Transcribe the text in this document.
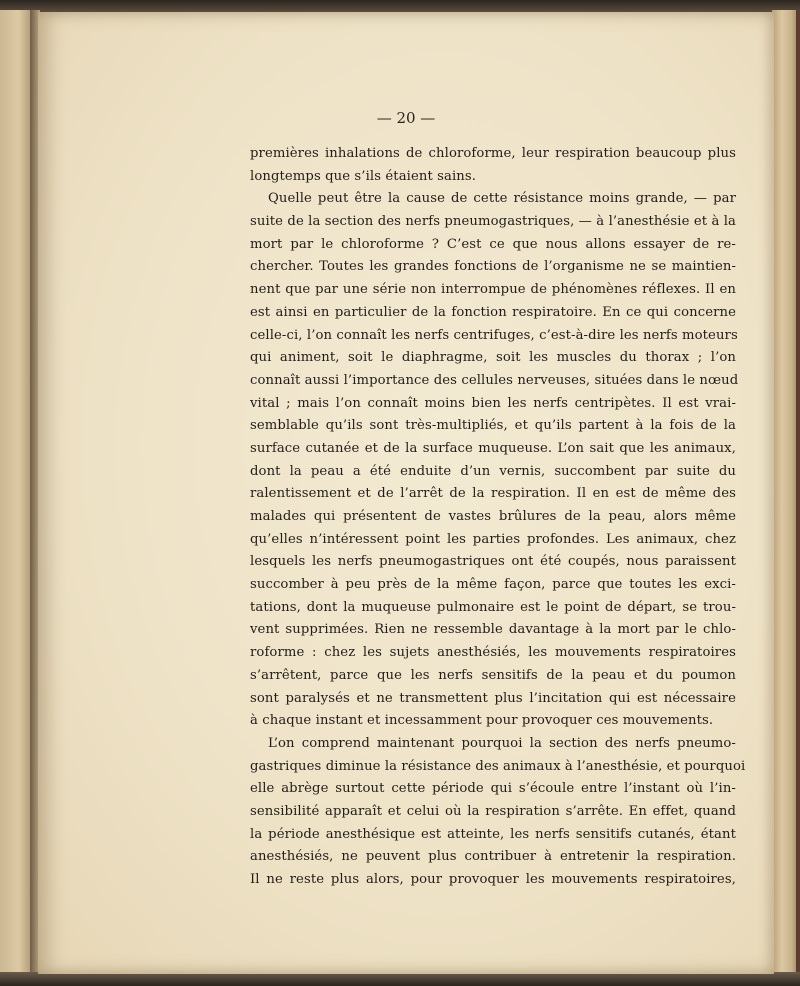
— 20 —
premières inhalations de chloroforme, leur respiration beaucoup plus
longtemps que s’ils étaient sains.
Quelle peut être la cause de cette résistance moins grande, — par
suite de la section des nerfs pneumogastriques, — à l’anesthésie et à la
mort par le chloroforme ? C’est ce que nous allons essayer de re-
chercher. Toutes les grandes fonctions de l’organisme ne se maintien-
nent que par une série non interrompue de phénomènes réflexes. Il en
est ainsi en particulier de la fonction respiratoire. En ce qui concerne
celle-ci, l’on connaît les nerfs centrifuges, c’est-à-dire les nerfs moteurs
qui animent, soit le diaphragme, soit les muscles du thorax ; l’on
connaît aussi l’importance des cellules nerveuses, situées dans le nœud
vital ; mais l’on connaît moins bien les nerfs centripètes. Il est vrai-
semblable qu’ils sont très-multipliés, et qu’ils partent à la fois de la
surface cutanée et de la surface muqueuse. L’on sait que les animaux,
dont la peau a été enduite d’un vernis, succombent par suite du
ralentissement et de l’arrêt de la respiration. Il en est de même des
malades qui présentent de vastes brûlures de la peau, alors même
qu’elles n’intéressent point les parties profondes. Les animaux, chez
lesquels les nerfs pneumogastriques ont été coupés, nous paraissent
succomber à peu près de la même façon, parce que toutes les exci-
tations, dont la muqueuse pulmonaire est le point de départ, se trou-
vent supprimées. Rien ne ressemble davantage à la mort par le chlo-
roforme : chez les sujets anesthésiés, les mouvements respiratoires
s’arrêtent, parce que les nerfs sensitifs de la peau et du poumon
sont paralysés et ne transmettent plus l’incitation qui est nécessaire
à chaque instant et incessamment pour provoquer ces mouvements.
L’on comprend maintenant pourquoi la section des nerfs pneumo-
gastriques diminue la résistance des animaux à l’anesthésie, et pourquoi
elle abrège surtout cette période qui s’écoule entre l’instant où l’in-
sensibilité apparaît et celui où la respiration s’arrête. En effet, quand
la période anesthésique est atteinte, les nerfs sensitifs cutanés, étant
anesthésiés, ne peuvent plus contribuer à entretenir la respiration.
Il ne reste plus alors, pour provoquer les mouvements respiratoires,
